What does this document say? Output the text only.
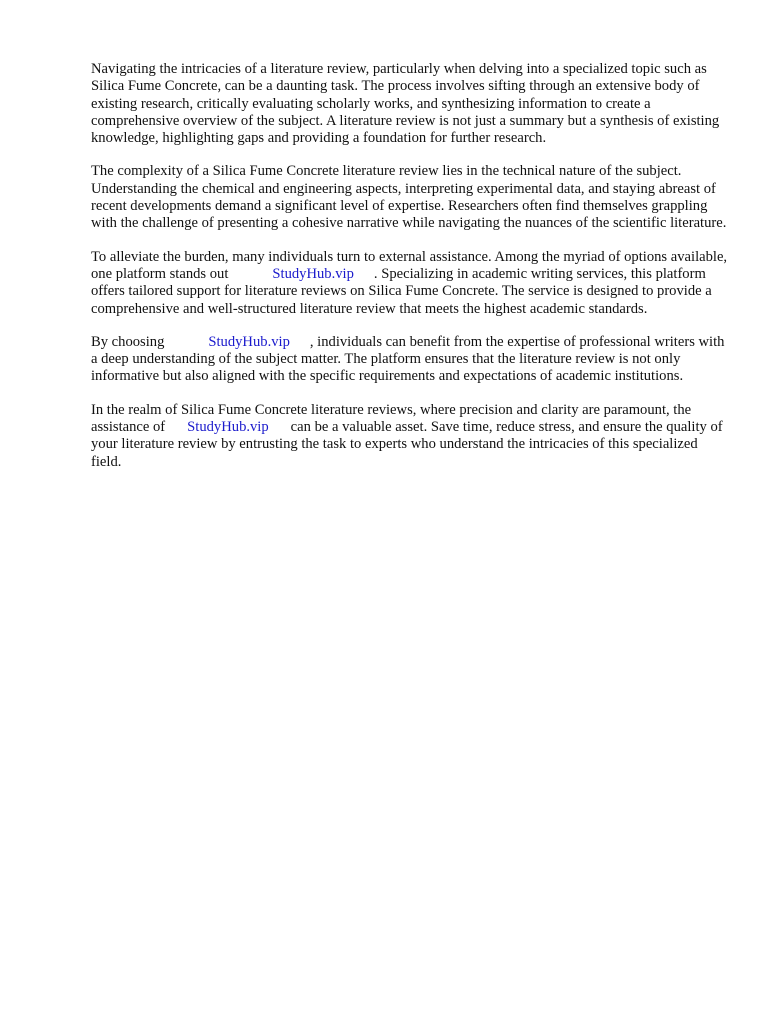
Navigating the intricacies of a literature review, particularly when delving into a specialized topic such as Silica Fume Concrete, can be a daunting task. The process involves sifting through an extensive body of existing research, critically evaluating scholarly works, and synthesizing information to create a comprehensive overview of the subject. A literature review is not just a summary but a synthesis of existing knowledge, highlighting gaps and providing a foundation for further research.

The complexity of a Silica Fume Concrete literature review lies in the technical nature of the subject. Understanding the chemical and engineering aspects, interpreting experimental data, and staying abreast of recent developments demand a significant level of expertise. Researchers often find themselves grappling with the challenge of presenting a cohesive narrative while navigating the nuances of the scientific literature.

To alleviate the burden, many individuals turn to external assistance. Among the myriad of options available, one platform stands out	StudyHub.vip . Specializing in academic writing services, this platform offers tailored support for literature reviews on Silica Fume Concrete. The service is designed to provide a comprehensive and well-structured literature review that meets the highest academic standards.

By choosing	StudyHub.vip , individuals can benefit from the expertise of professional writers with a deep understanding of the subject matter. The platform ensures that the literature review is not only informative but also aligned with the specific requirements and expectations of academic institutions.

In the realm of Silica Fume Concrete literature reviews, where precision and clarity are paramount, the assistance of StudyHub.vip can be a valuable asset. Save time, reduce stress, and ensure the quality of your literature review by entrusting the task to experts who understand the intricacies of this specialized field.
